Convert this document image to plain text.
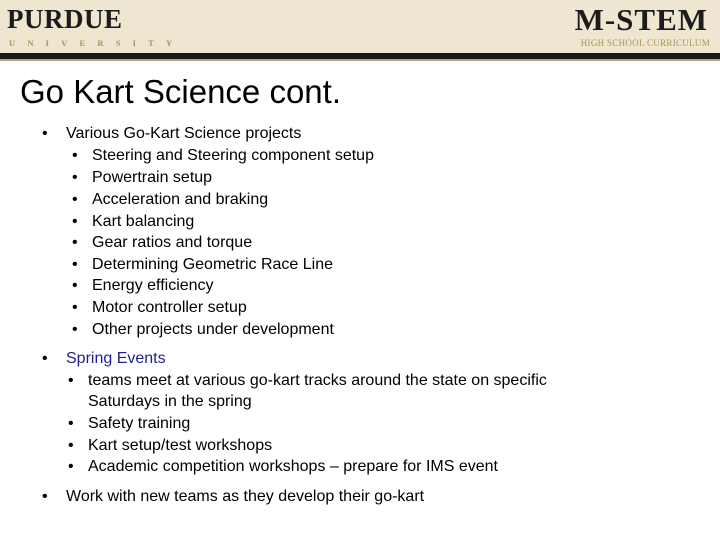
PURDUE
UNIVERSITY
M-STEM
HIGH SCHOOL CURRICULUM
Go Kart Science cont.
• Various Go-Kart Science projects
• Steering and Steering component setup
• Powertrain setup
• Acceleration and braking
• Kart balancing
• Gear ratios and torque
• Determining Geometric Race Line
• Energy efficiency
• Motor controller setup
• Other projects under development
• Spring Events
• teams meet at various go-kart tracks around the state on specific
Saturdays in the spring
• Safety training
• Kart setup/test workshops
• Academic competition workshops – prepare for IMS event
• Work with new teams as they develop their go-kart
